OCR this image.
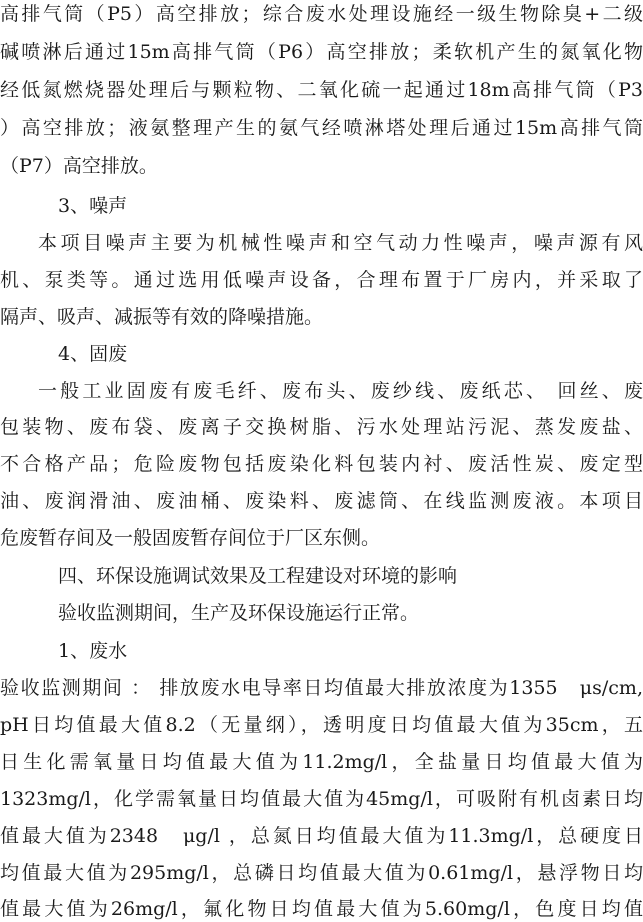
高排气筒（P5）高空排放；综合废水处理设施经一级生物除臭+二级
碱喷淋后通过15m高排气筒（P6）高空排放；柔软机产生的氮氧化物
经低氮燃烧器处理后与颗粒物、二氧化硫一起通过18m高排气筒（P3
）高空排放；液氨整理产生的氨气经喷淋塔处理后通过15m高排气筒
（P7）高空排放。
3、噪声
本项目噪声主要为机械性噪声和空气动力性噪声，噪声源有风
机、泵类等。通过选用低噪声设备，合理布置于厂房内，并采取了
隔声、吸声、减振等有效的降噪措施。
4、固废
一般工业固废有废毛纤、废布头、废纱线、废纸芯、 回丝、废
包装物、废布袋、废离子交换树脂、污水处理站污泥、蒸发废盐、
不合格产品；危险废物包括废染化料包装内衬、废活性炭、废定型
油、废润滑油、废油桶、废染料、废滤筒、在线监测废液。本项目
危废暂存间及一般固废暂存间位于厂区东侧。
四、环保设施调试效果及工程建设对环境的影响
验收监测期间，生产及环保设施运行正常。
1、废水
验收监测期间 ： 排放废水电导率日均值最大排放浓度为1355　μs/cm,
pH日均值最大值8.2（无量纲），透明度日均值最大值为35cm，五
日生化需氧量日均值最大值为11.2mg/l，全盐量日均值最大值为
1323mg/l，化学需氧量日均值最大值为45mg/l，可吸附有机卤素日均
值最大值为2348　μg/l ，总氮日均值最大值为11.3mg/l，总硬度日
均值最大值为295mg/l，总磷日均值最大值为0.61mg/l，悬浮物日均
值最大值为26mg/l，氟化物日均值最大值为5.60mg/l，色度日均值
